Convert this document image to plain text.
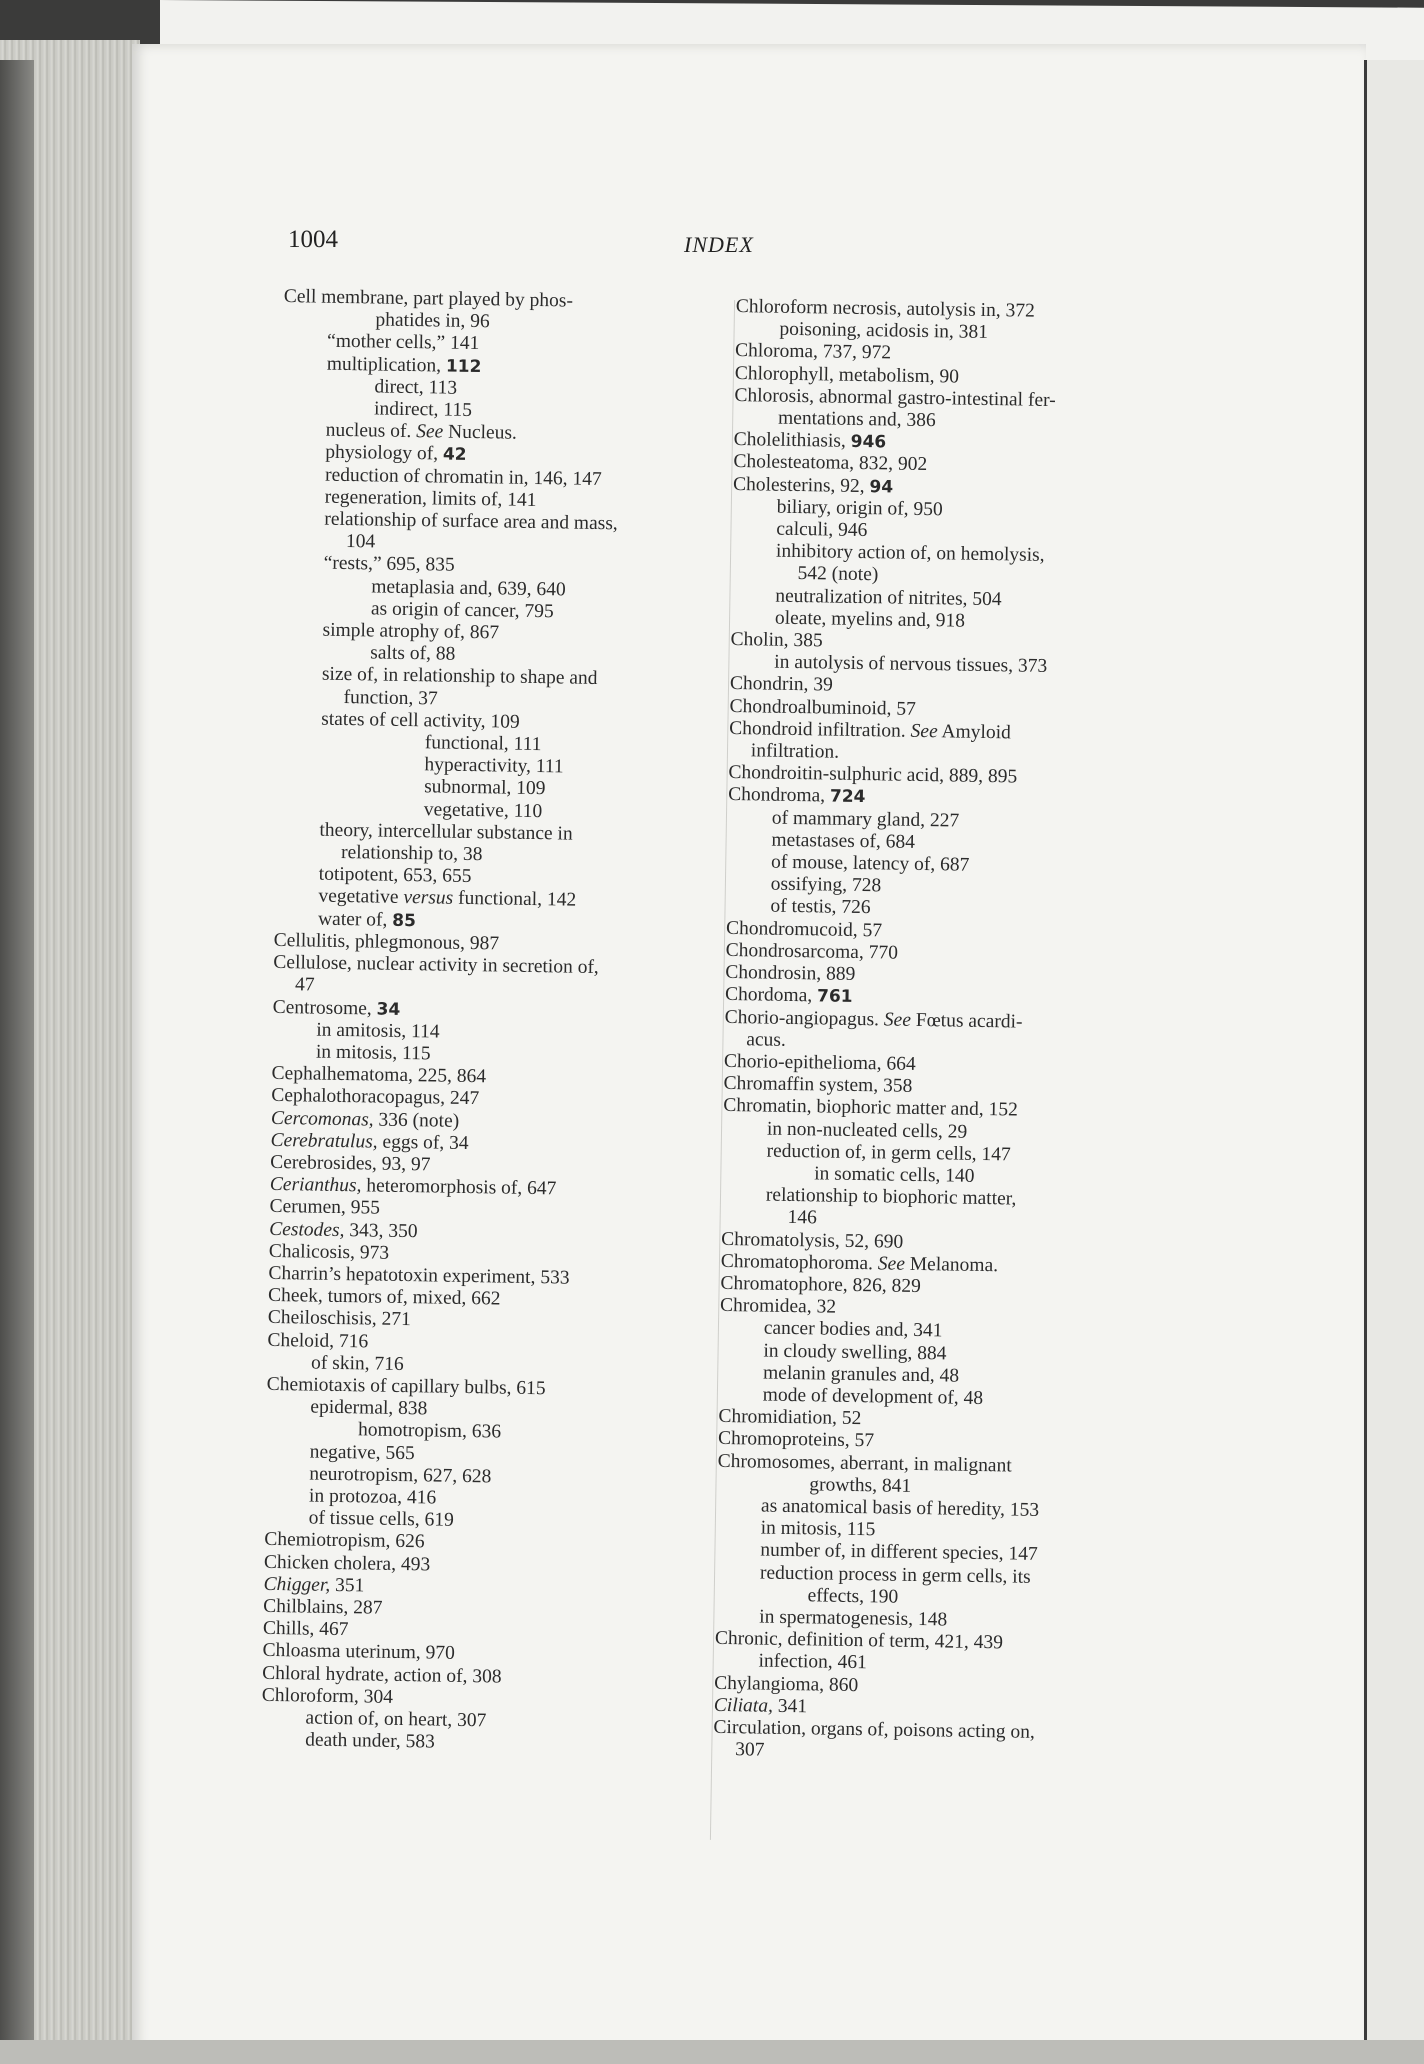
1004	INDEX
Cell membrane, part played by phos-
phatides in, 96
“mother cells,” 141
multiplication, 112
direct, 113
indirect, 115
nucleus of. See Nucleus.
physiology of, 42
reduction of chromatin in, 146, 147
regeneration, limits of, 141
relationship of surface area and mass,
104
“rests,” 695, 835
metaplasia and, 639, 640
as origin of cancer, 795
simple atrophy of, 867
salts of, 88
size of, in relationship to shape and
function, 37
states of cell activity, 109
functional, 111
hyperactivity, 111
subnormal, 109
vegetative, 110
theory, intercellular substance in
relationship to, 38
totipotent, 653, 655
vegetative versus functional, 142
water of, 85
Cellulitis, phlegmonous, 987
Cellulose, nuclear activity in secretion of,
47
Centrosome, 34
in amitosis, 114
in mitosis, 115
Cephalhematoma, 225, 864
Cephalothoracopagus, 247
Cercomonas, 336 (note)
Cerebratulus, eggs of, 34
Cerebrosides, 93, 97
Cerianthus, heteromorphosis of, 647
Cerumen, 955
Cestodes, 343, 350
Chalicosis, 973
Charrin’s hepatotoxin experiment, 533
Cheek, tumors of, mixed, 662
Cheiloschisis, 271
Cheloid, 716
of skin, 716
Chemiotaxis of capillary bulbs, 615
epidermal, 838
homotropism, 636
negative, 565
neurotropism, 627, 628
in protozoa, 416
of tissue cells, 619
Chemiotropism, 626
Chicken cholera, 493
Chigger, 351
Chilblains, 287
Chills, 467
Chloasma uterinum, 970
Chloral hydrate, action of, 308
Chloroform, 304
action of, on heart, 307
death under, 583
Chloroform necrosis, autolysis in, 372
poisoning, acidosis in, 381
Chloroma, 737, 972
Chlorophyll, metabolism, 90
Chlorosis, abnormal gastro-intestinal fer-
mentations and, 386
Cholelithiasis, 946
Cholesteatoma, 832, 902
Cholesterins, 92, 94
biliary, origin of, 950
calculi, 946
inhibitory action of, on hemolysis,
542 (note)
neutralization of nitrites, 504
oleate, myelins and, 918
Cholin, 385
in autolysis of nervous tissues, 373
Chondrin, 39
Chondroalbuminoid, 57
Chondroid infiltration. See Amyloid
infiltration.
Chondroitin-sulphuric acid, 889, 895
Chondroma, 724
of mammary gland, 227
metastases of, 684
of mouse, latency of, 687
ossifying, 728
of testis, 726
Chondromucoid, 57
Chondrosarcoma, 770
Chondrosin, 889
Chordoma, 761
Chorio-angiopagus. See Fœtus acardi-
acus.
Chorio-epithelioma, 664
Chromaffin system, 358
Chromatin, biophoric matter and, 152
in non-nucleated cells, 29
reduction of, in germ cells, 147
in somatic cells, 140
relationship to biophoric matter,
146
Chromatolysis, 52, 690
Chromatophoroma. See Melanoma.
Chromatophore, 826, 829
Chromidea, 32
cancer bodies and, 341
in cloudy swelling, 884
melanin granules and, 48
mode of development of, 48
Chromidiation, 52
Chromoproteins, 57
Chromosomes, aberrant, in malignant
growths, 841
as anatomical basis of heredity, 153
in mitosis, 115
number of, in different species, 147
reduction process in germ cells, its
effects, 190
in spermatogenesis, 148
Chronic, definition of term, 421, 439
infection, 461
Chylangioma, 860
Ciliata, 341
Circulation, organs of, poisons acting on,
307
